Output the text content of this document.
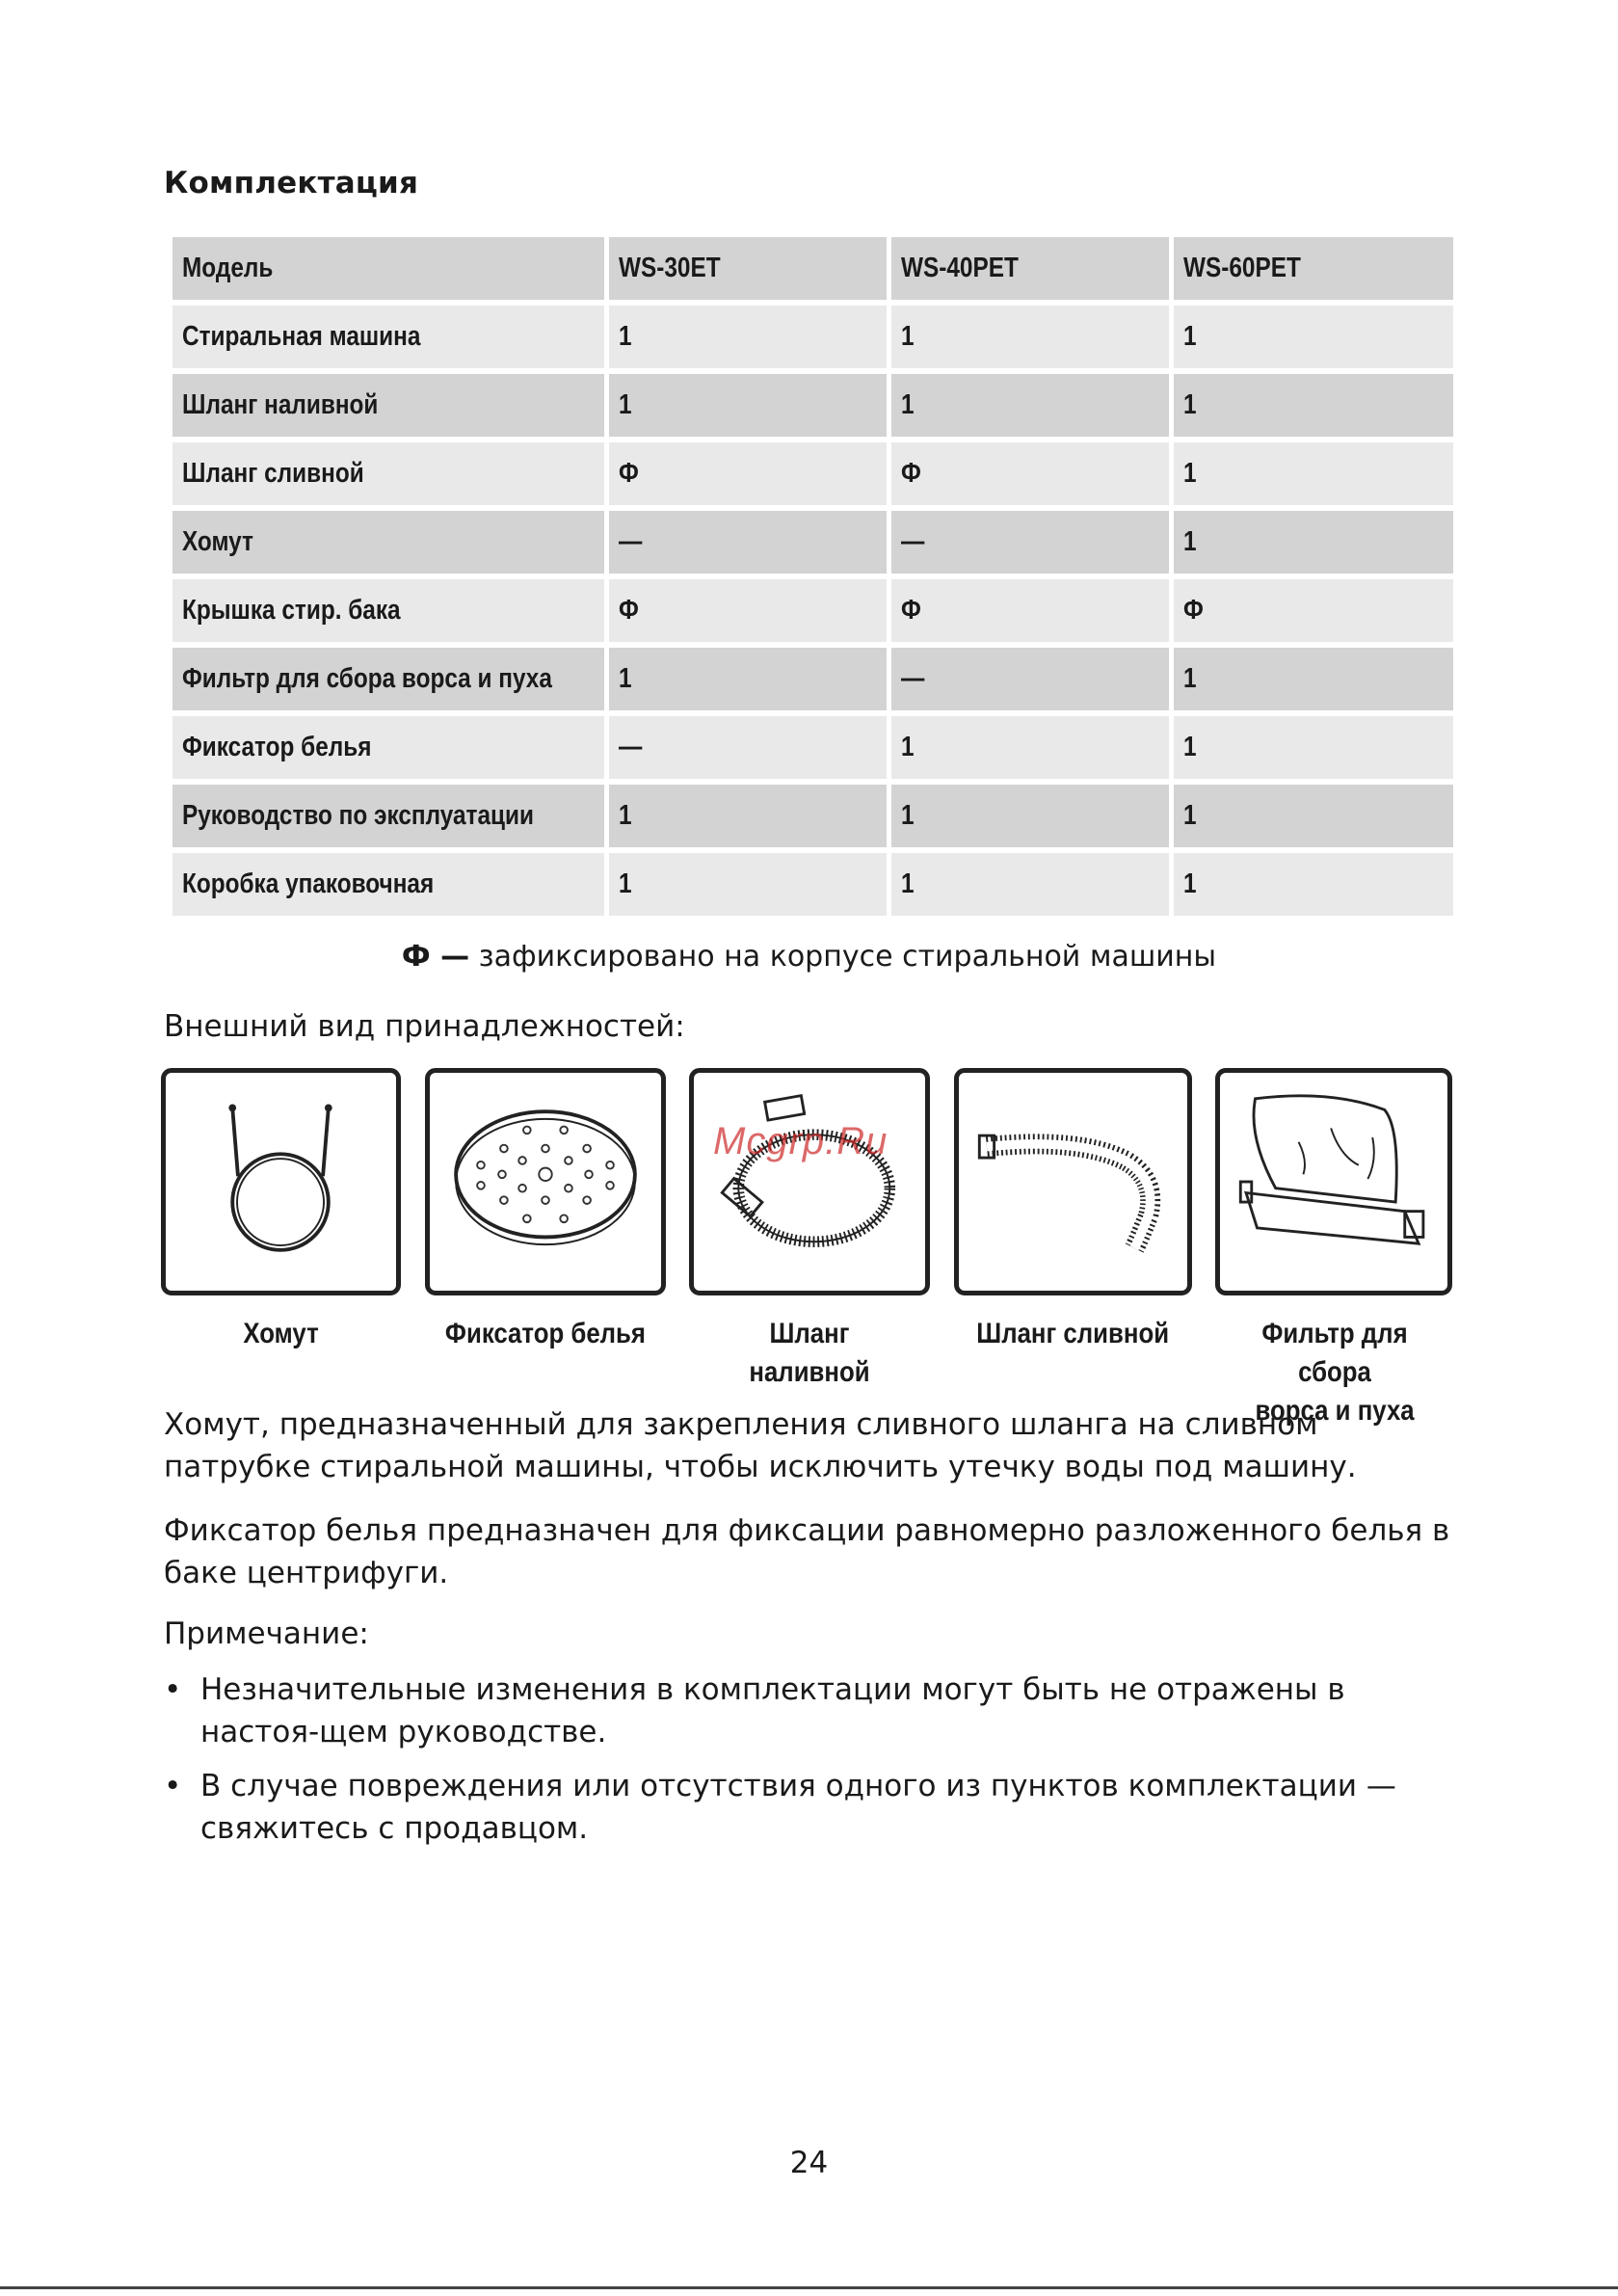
Комплектация
Модель	WS-30ET	WS-40PET	WS-60PET
Стиральная машина	1	1	1
Шланг наливной	1	1	1
Шланг сливной	Ф	Ф	1
Хомут	—	—	1
Крышка стир. бака	Ф	Ф	Ф
Фильтр для сбора ворса и пуха	1	—	1
Фиксатор белья	—	1	1
Руководство по эксплуатации	1	1	1
Коробка упаковочная	1	1	1
Ф — зафиксировано на корпусе стиральной машины
Внешний вид принадлежностей:
Mcgrp.Ru
Хомут	Фиксатор белья	Шланг наливной
Шланг сливной	Фильтр для сбора
ворса и пуха
Хомут, предназначенный для закрепления сливного шланга на сливном патрубке стиральной машины, чтобы исключить утечку воды под машину.
Фиксатор белья предназначен для фиксации равномерно разложенного белья в баке центрифуги.
Примечание:
• Незначительные изменения в комплектации могут быть не отражены в настоя-щем руководстве.
• В случае повреждения или отсутствия одного из пунктов комплектации — свяжитесь с продавцом.
24
